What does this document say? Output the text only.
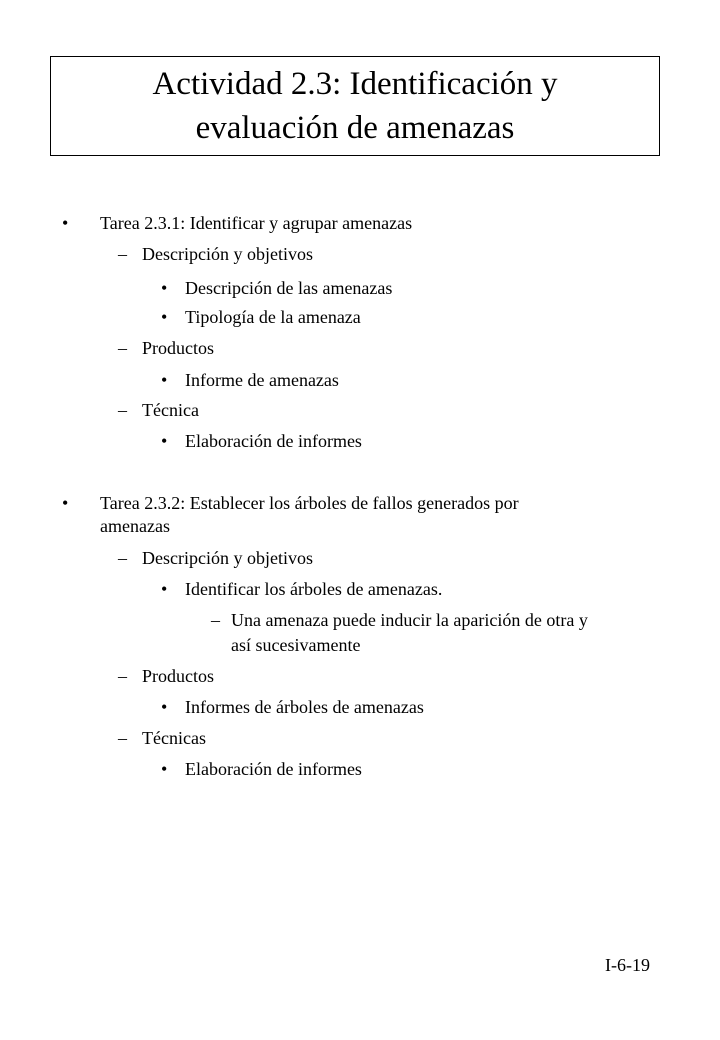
Actividad 2.3: Identificación y
evaluación de amenazas
• Tarea 2.3.1: Identificar y agrupar amenazas
– Descripción y objetivos
• Descripción de las amenazas
• Tipología de la amenaza
– Productos
• Informe de amenazas
– Técnica
• Elaboración de informes
• Tarea 2.3.2: Establecer los árboles de fallos generados por
amenazas
– Descripción y objetivos
• Identificar los árboles de amenazas.
– Una amenaza puede inducir la aparición de otra y
así sucesivamente
– Productos
• Informes de árboles de amenazas
– Técnicas
• Elaboración de informes
I-6-19
